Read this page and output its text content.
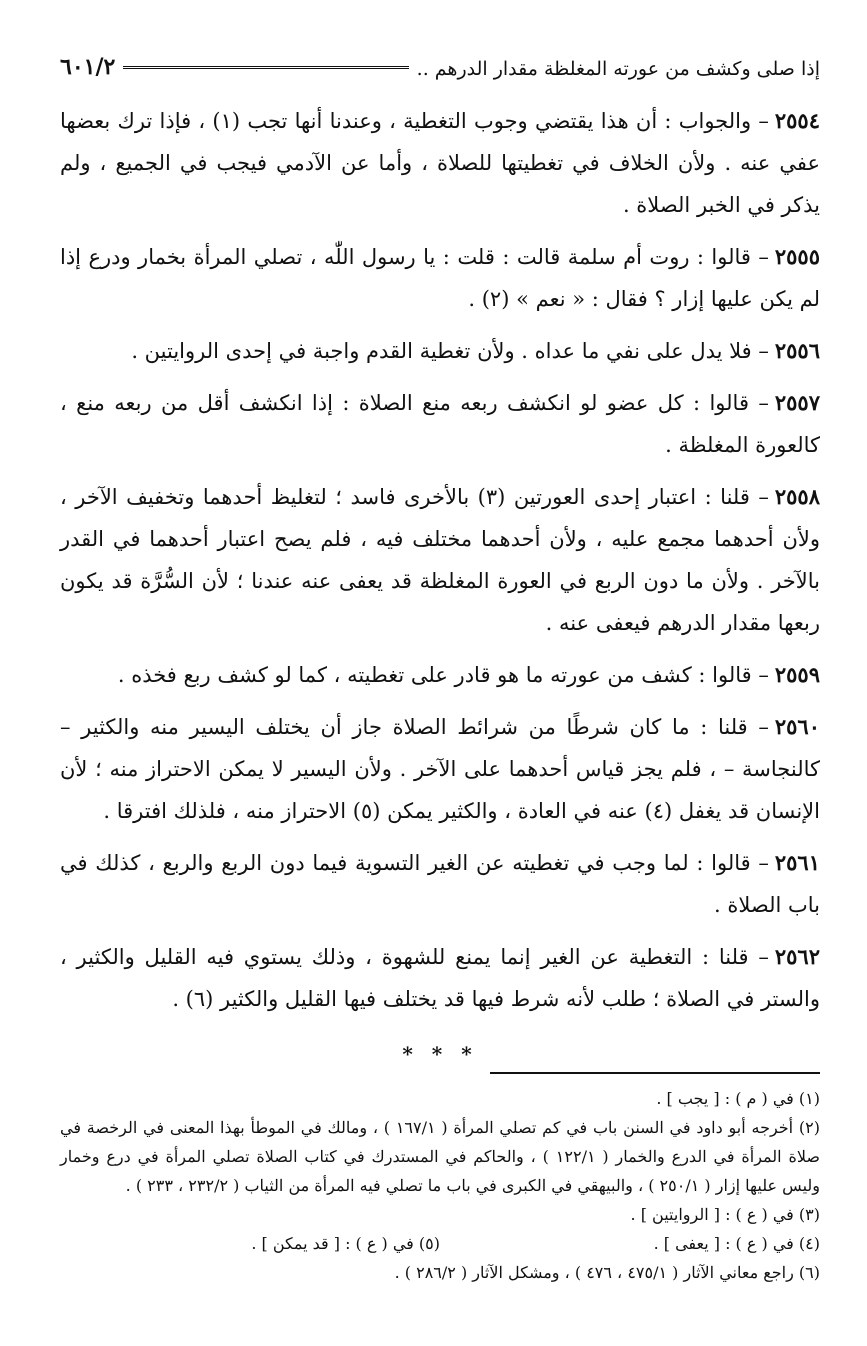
إذا صلى وكشف من عورته المغلظة مقدار الدرهم ..
٦٠١/٢

٢٥٥٤– والجواب : أن هذا يقتضي وجوب التغطية ، وعندنا أنها تجب (١) ، فإذا ترك بعضها عفي عنه . ولأن الخلاف في تغطيتها للصلاة ، وأما عن الآدمي فيجب في الجميع ، ولم يذكر في الخبر الصلاة .

٢٥٥٥– قالوا : روت أم سلمة قالت : قلت : يا رسول اللّٰه ، تصلي المرأة بخمار ودرع إذا لم يكن عليها إزار ؟ فقال : « نعم » (٢) .

٢٥٥٦– فلا يدل على نفي ما عداه . ولأن تغطية القدم واجبة في إحدى الروايتين .

٢٥٥٧– قالوا : كل عضو لو انكشف ربعه منع الصلاة : إذا انكشف أقل من ربعه منع ، كالعورة المغلظة .

٢٥٥٨– قلنا : اعتبار إحدى العورتين (٣) بالأخرى فاسد ؛ لتغليظ أحدهما وتخفيف الآخر ، ولأن أحدهما مجمع عليه ، ولأن أحدهما مختلف فيه ، فلم يصح اعتبار أحدهما في القدر بالآخر . ولأن ما دون الربع في العورة المغلظة قد يعفى عنه عندنا ؛ لأن السُّرَّة قد يكون ربعها مقدار الدرهم فيعفى عنه .

٢٥٥٩– قالوا : كشف من عورته ما هو قادر على تغطيته ، كما لو كشف ربع فخذه .

٢٥٦٠– قلنا : ما كان شرطًا من شرائط الصلاة جاز أن يختلف اليسير منه والكثير – كالنجاسة – ، فلم يجز قياس أحدهما على الآخر . ولأن اليسير لا يمكن الاحتراز منه ؛ لأن الإنسان قد يغفل (٤) عنه في العادة ، والكثير يمكن (٥) الاحتراز منه ، فلذلك افترقا .

٢٥٦١– قالوا : لما وجب في تغطيته عن الغير التسوية فيما دون الربع والربع ، كذلك في باب الصلاة .

٢٥٦٢– قلنا : التغطية عن الغير إنما يمنع للشهوة ، وذلك يستوي فيه القليل والكثير ، والستر في الصلاة ؛ طلب لأنه شرط فيها قد يختلف فيها القليل والكثير (٦) .

* * *

(١) في ( م ) : [ يجب ] .

(٢) أخرجه أبو داود في السنن باب في كم تصلي المرأة ( ١٦٧/١ ) ، ومالك في الموطأ بهذا المعنى في الرخصة في صلاة المرأة في الدرع والخمار ( ١٢٢/١ ) ، والحاكم في المستدرك في كتاب الصلاة تصلي المرأة في درع وخمار وليس عليها إزار ( ٢٥٠/١ ) ، والبيهقي في الكبرى في باب ما تصلي فيه المرأة من الثياب ( ٢٣٢/٢ ، ٢٣٣ ) .

(٣) في ( ع ) : [ الروايتين ] .

(٤) في ( ع ) : [ يعفى ] .

(٥) في ( ع ) : [ قد يمكن ] .

(٦) راجع معاني الآثار ( ٤٧٥/١ ، ٤٧٦ ) ، ومشكل الآثار ( ٢٨٦/٢ ) .
